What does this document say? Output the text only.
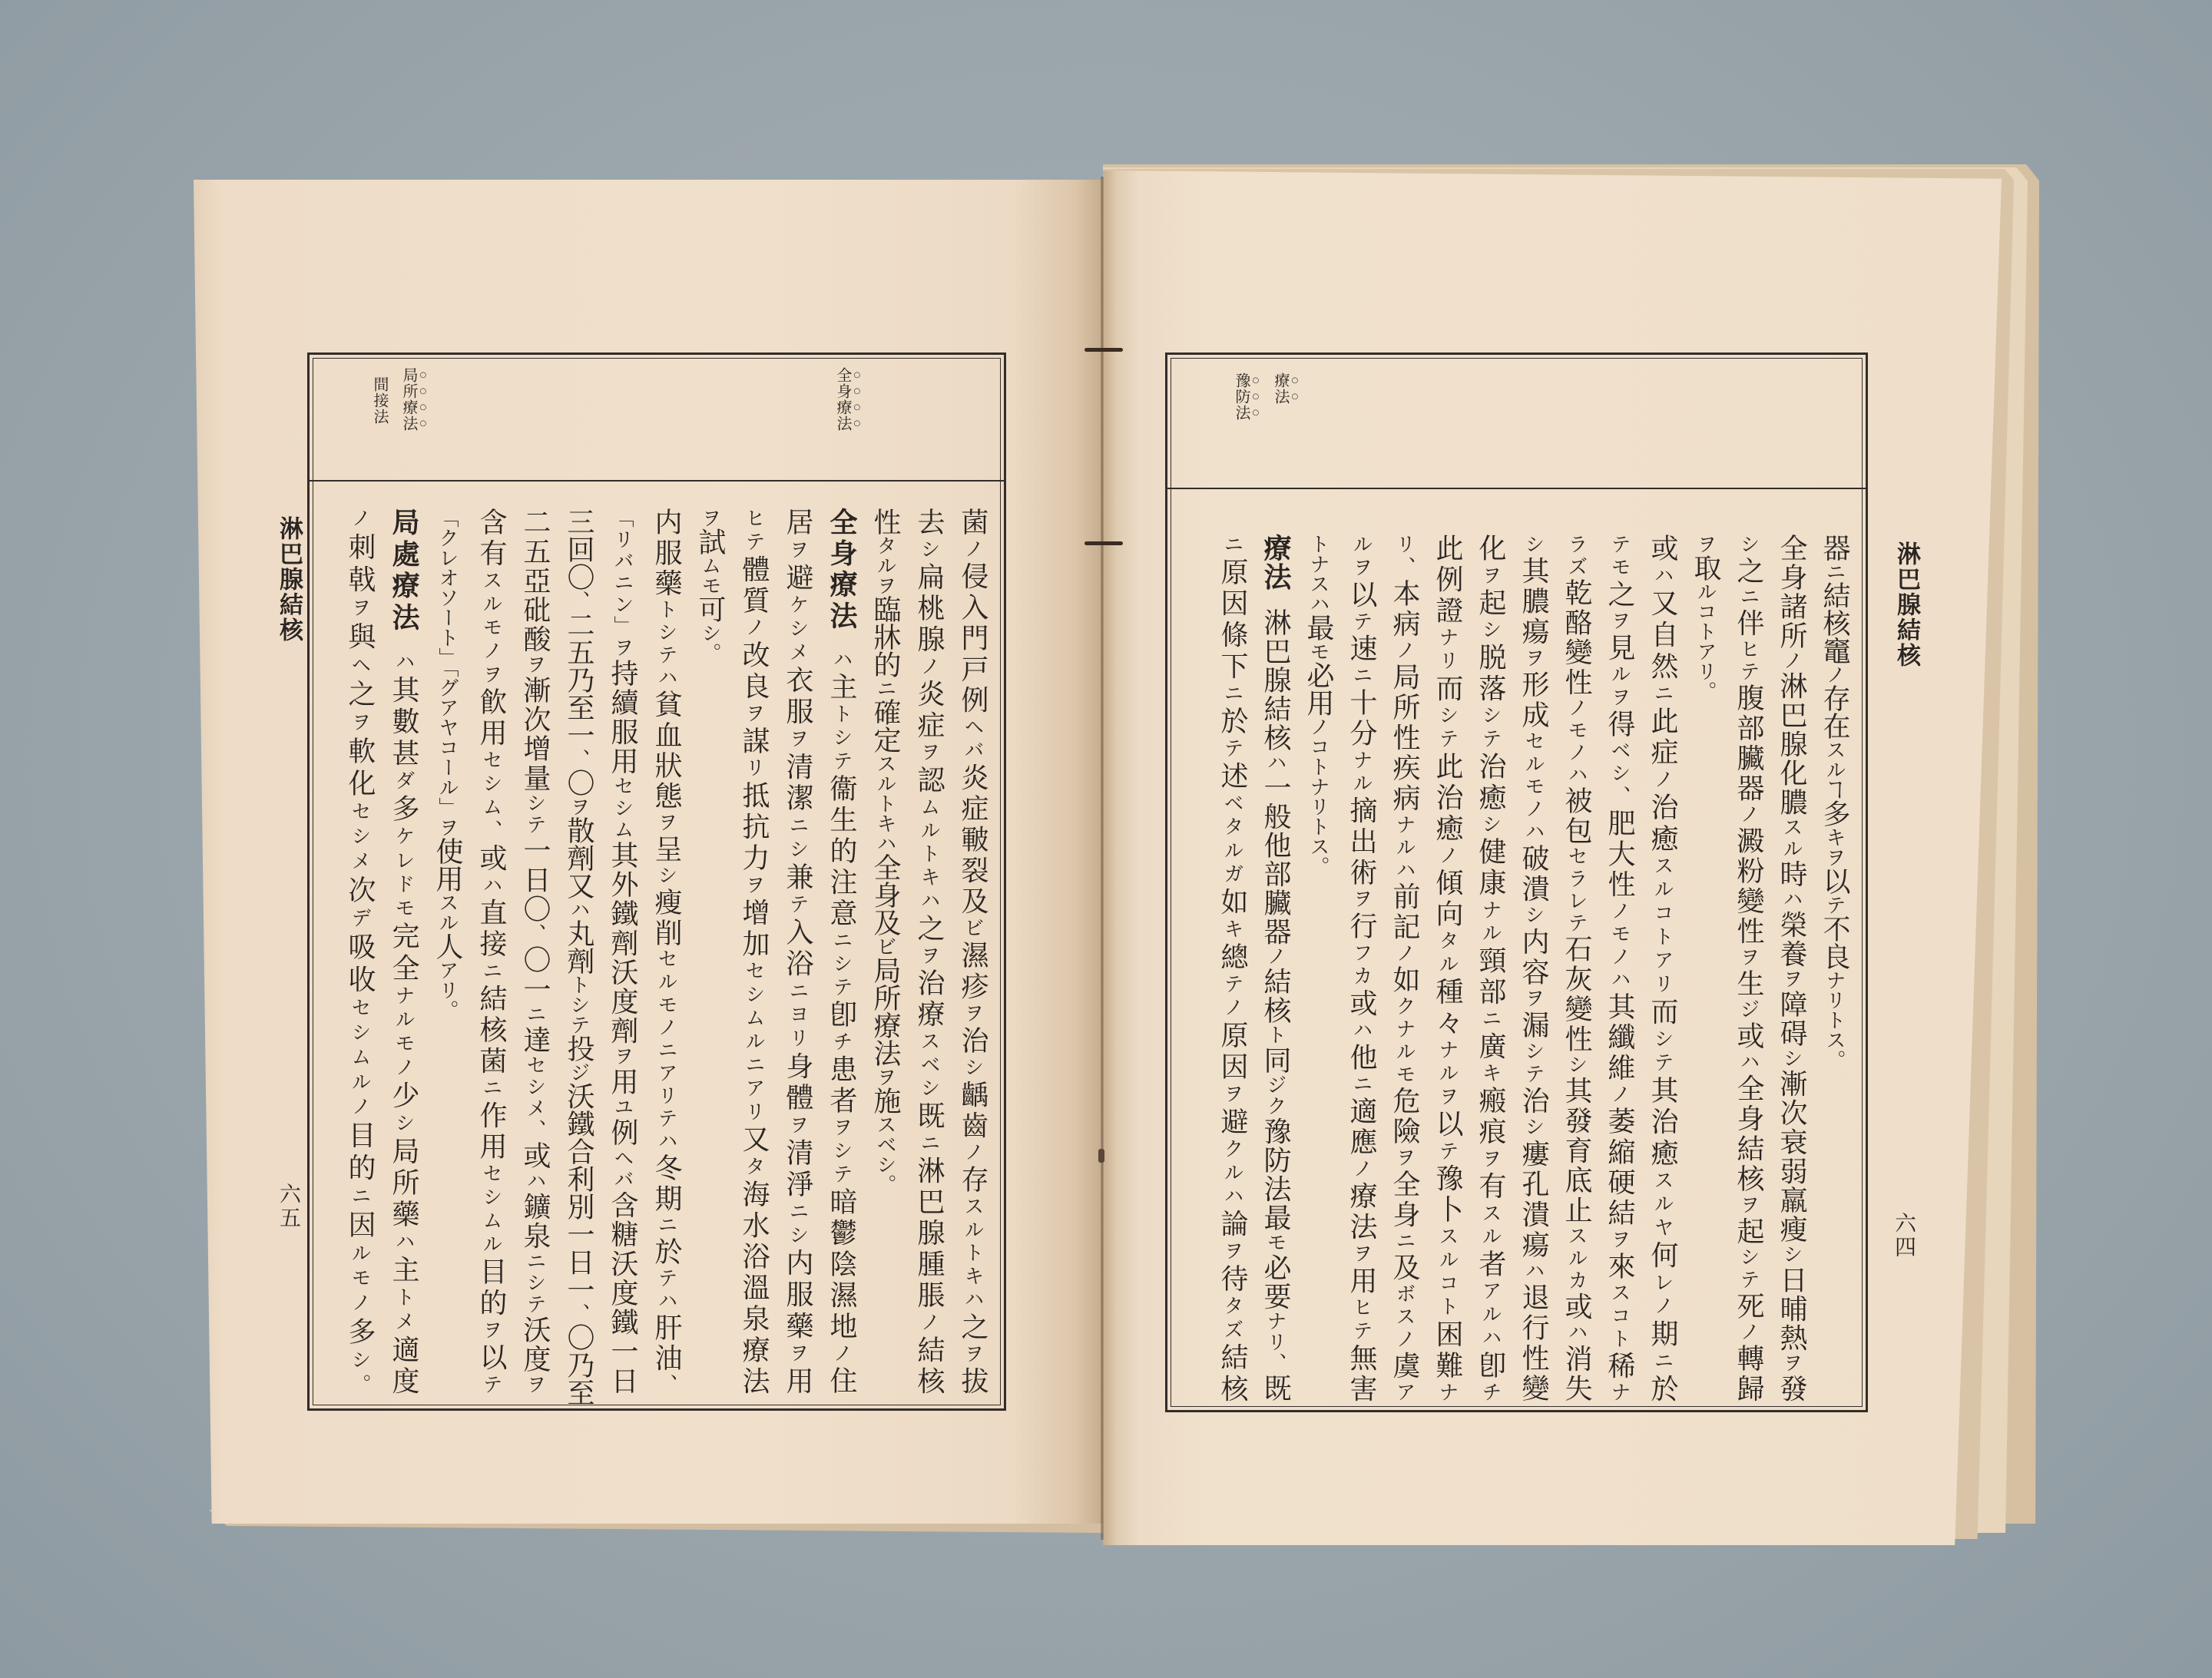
淋巴腺結核	淋巴腺結核
六五
六四
全身療法
局所療法
間接法	療法
豫防法

器ニ結核竈ノ存在スルヿ多キヲ以テ不良ナリトス。

全身諸所ノ淋巴腺化膿スル時ハ榮養ヲ障碍シ漸次衰弱羸瘦シ日晡熱ヲ發

シ之ニ伴ヒテ腹部臟器ノ澱粉變性ヲ生ジ或ハ全身結核ヲ起シテ死ノ轉歸

ヲ取ルコトアリ。

或ハ又自然ニ此症ノ治癒スルコトアリ而シテ其治癒スルヤ何レノ期ニ於

テモ之ヲ見ルヲ得ベシ、肥大性ノモノハ其纖維ノ萎縮硬結ヲ來スコト稀ナ

ラズ乾酪變性ノモノハ被包セラレテ石灰變性シ其發育底止スルカ或ハ消失

シ其膿瘍ヲ形成セルモノハ破潰シ内容ヲ漏シテ治シ瘻孔潰瘍ハ退行性變

化ヲ起シ脱落シテ治癒シ健康ナル頸部ニ廣キ瘢痕ヲ有スル者アルハ卽チ

此例證ナリ而シテ此治癒ノ傾向タル種々ナルヲ以テ豫卜スルコト困難ナ

リ、本病ノ局所性疾病ナルハ前記ノ如クナルモ危險ヲ全身ニ及ボスノ虞ア

ルヲ以テ速ニ十分ナル摘出術ヲ行フカ或ハ他ニ適應ノ療法ヲ用ヒテ無害

トナスハ最モ必用ノコトナリトス。

療法淋巴腺結核ハ一般他部臟器ノ結核ト同ジク豫防法最モ必要ナリ、既

ニ原因條下ニ於テ述ベタルガ如キ總テノ原因ヲ避クルハ論ヲ待タズ結核

菌ノ侵入門戸例ヘバ炎症皸裂及ビ濕疹ヲ治シ齲齒ノ存スルトキハ之ヲ拔

去シ扁桃腺ノ炎症ヲ認ムルトキハ之ヲ治療スベシ既ニ淋巴腺腫脹ノ結核

性タルヲ臨牀的ニ確定スルトキハ全身及ビ局所療法ヲ施スベシ。

全身療法ハ主トシテ衞生的注意ニシテ卽チ患者ヲシテ暗鬱陰濕地ノ住

居ヲ避ケシメ衣服ヲ清潔ニシ兼テ入浴ニヨリ身體ヲ清淨ニシ内服藥ヲ用

ヒテ體質ノ改良ヲ謀リ抵抗力ヲ增加セシムルニアリ又タ海水浴溫泉療法

ヲ試ムモ可シ。

内服藥トシテハ貧血狀態ヲ呈シ瘦削セルモノニアリテハ冬期ニ於テハ肝油、

「リバニン」ヲ持續服用セシム其外鐵劑沃度劑ヲ用ユ例ヘバ含糖沃度鐵一日

三回〇、二五乃至一、〇ヲ散劑又ハ丸劑トシテ投ジ沃鐵合利別一日一、〇乃至

二五亞砒酸ヲ漸次增量シテ一日〇、〇一ニ達セシメ、或ハ鑛泉ニシテ沃度ヲ

含有スルモノヲ飮用セシム、或ハ直接ニ結核菌ニ作用セシムル目的ヲ以テ

「クレオソート」「グアヤコール」ヲ使用スル人アリ。

局處療法ハ其數甚ダ多ケレドモ完全ナルモノ少シ局所藥ハ主トメ適度

ノ刺戟ヲ與ヘ之ヲ軟化セシメ次デ吸收セシムルノ目的ニ因ルモノ多シ。
